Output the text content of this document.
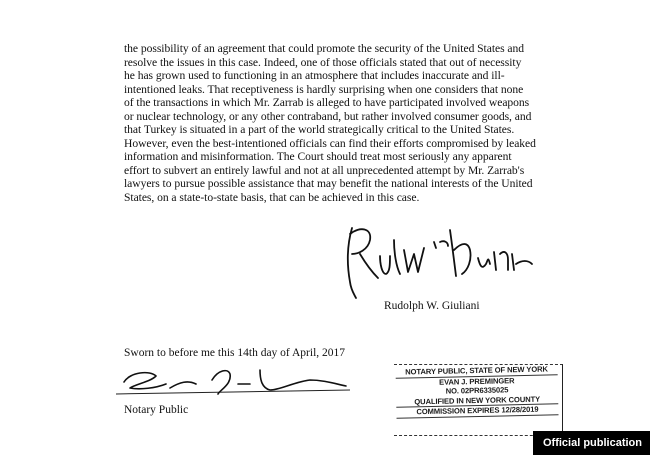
the possibility of an agreement that could promote the security of the United States and
resolve the issues in this case. Indeed, one of those officials stated that out of necessity
he has grown used to functioning in an atmosphere that includes inaccurate and ill-
intentioned leaks. That receptiveness is hardly surprising when one considers that none
of the transactions in which Mr. Zarrab is alleged to have participated involved weapons
or nuclear technology, or any other contraband, but rather involved consumer goods, and
that Turkey is situated in a part of the world strategically critical to the United States.
However, even the best-intentioned officials can find their efforts compromised by leaked
information and misinformation. The Court should treat most seriously any apparent
effort to subvert an entirely lawful and not at all unprecedented attempt by Mr. Zarrab's
lawyers to pursue possible assistance that may benefit the national interests of the United
States, on a state-to-state basis, that can be achieved in this case.
Rudolph W. Giuliani
Sworn to before me this 14th day of April, 2017
Notary Public
NOTARY PUBLIC, STATE OF NEW YORK
EVAN J. PREMINGER
NO. 02PR6335025
QUALIFIED IN NEW YORK COUNTY
COMMISSION EXPIRES 12/28/2019
Official publication
